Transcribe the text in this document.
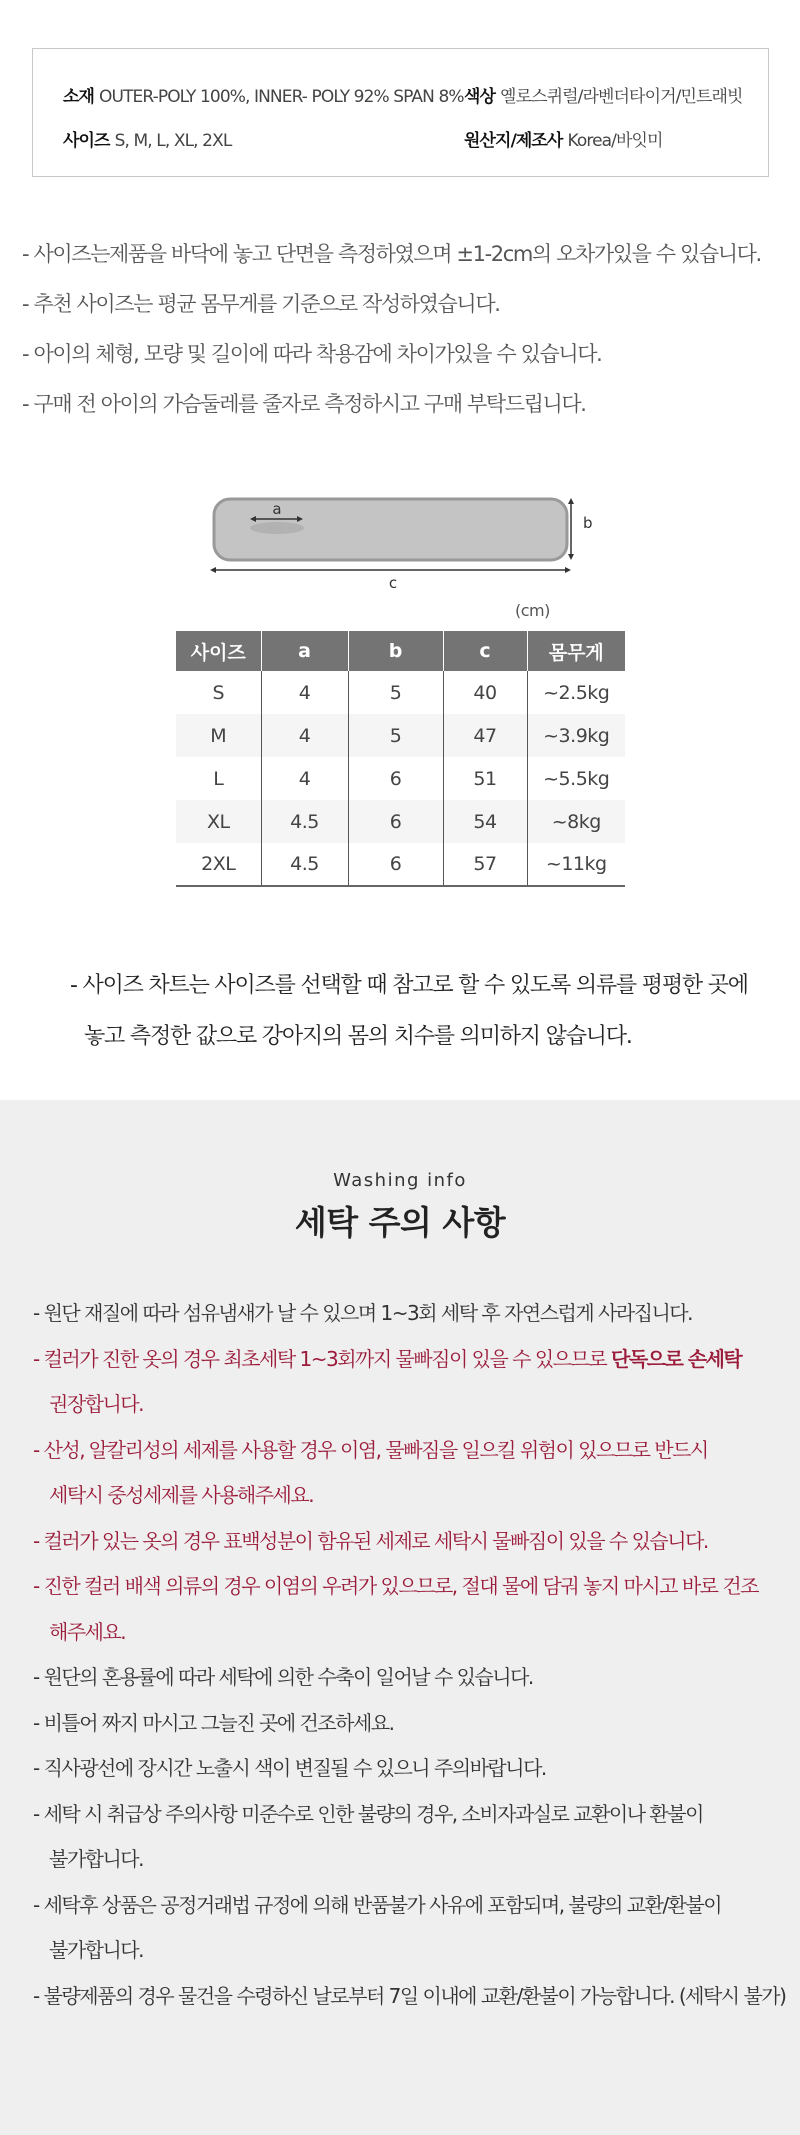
소재 OUTER-POLY 100%, INNER- POLY 92% SPAN 8%
사이즈 S, M, L, XL, 2XL
색상 옐로스퀴럴/라벤더타이거/민트래빗
원산지/제조사 Korea/바잇미

- 사이즈는제품을 바닥에 놓고 단면을 측정하였으며 ±1-2cm의 오차가있을 수 있습니다.

- 추천 사이즈는 평균 몸무게를 기준으로 작성하였습니다.

- 아이의 체형, 모량 및 길이에 따라 착용감에 차이가있을 수 있습니다.

- 구매 전 아이의 가슴둘레를 줄자로 측정하시고 구매 부탁드립니다.

a
b
c
(cm)
사이즈	a	b	c	몸무게
S	4	5	40	~2.5kg
M	4	5	47	~3.9kg
L	4	6	51	~5.5kg
XL	4.5	6	54	~8kg
2XL	4.5	6	57	~11kg
- 사이즈 차트는 사이즈를 선택할 때 참고로 할 수 있도록 의류를 평평한 곳에
놓고 측정한 값으로 강아지의 몸의 치수를 의미하지 않습니다.
Washing info
세탁 주의 사항

- 원단 재질에 따라 섬유냄새가 날 수 있으며 1~3회 세탁 후 자연스럽게 사라집니다.

- 컬러가 진한 옷의 경우 최초세탁 1~3회까지 물빠짐이 있을 수 있으므로 단독으로 손세탁

권장합니다.

- 산성, 알칼리성의 세제를 사용할 경우 이염, 물빠짐을 일으킬 위험이 있으므로 반드시

세탁시 중성세제를 사용해주세요.

- 컬러가 있는 옷의 경우 표백성분이 함유된 세제로 세탁시 물빠짐이 있을 수 있습니다.

- 진한 컬러 배색 의류의 경우 이염의 우려가 있으므로, 절대 물에 담궈 놓지 마시고 바로 건조

해주세요.

- 원단의 혼용률에 따라 세탁에 의한 수축이 일어날 수 있습니다.

- 비틀어 짜지 마시고 그늘진 곳에 건조하세요.

- 직사광선에 장시간 노출시 색이 변질될 수 있으니 주의바랍니다.

- 세탁 시 취급상 주의사항 미준수로 인한 불량의 경우, 소비자과실로 교환이나 환불이

불가합니다.

- 세탁후 상품은 공정거래법 규정에 의해 반품불가 사유에 포함되며, 불량의 교환/환불이

불가합니다.

- 불량제품의 경우 물건을 수령하신 날로부터 7일 이내에 교환/환불이 가능합니다. (세탁시 불가)
